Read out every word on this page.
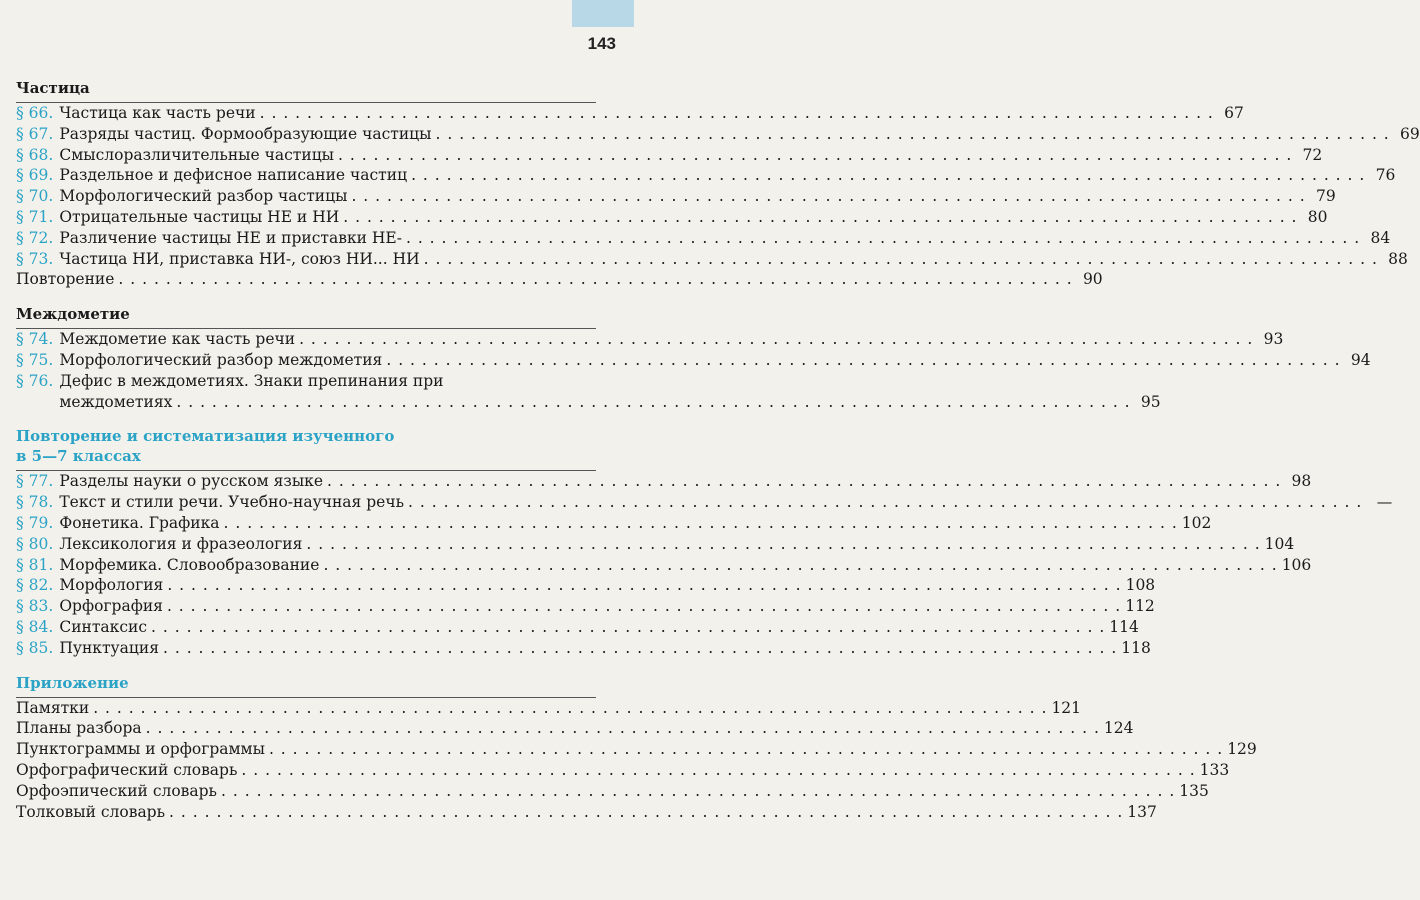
143
Частица
§ 66. Частица как часть речи . . . . . . . . . . . . . . . . . . . . . . . . . . . . . . . . . . . . . . . . . . . . . . . . . . . . . . . . . . . . . . . . . . . . . . . . . . . . . . . . . 67
§ 67. Разряды частиц. Формообразующие частицы . . . . . . . . . . . . . . . . . . . . . . . . . . . . . . . . . . . . . . . . . . . . . . . . . . . . . . . . . . . . . . . . . . . . . . . . . . . . . . . . . 69
§ 68. Смыслоразличительные частицы . . . . . . . . . . . . . . . . . . . . . . . . . . . . . . . . . . . . . . . . . . . . . . . . . . . . . . . . . . . . . . . . . . . . . . . . . . . . . . . . . 72
§ 69. Раздельное и дефисное написание частиц . . . . . . . . . . . . . . . . . . . . . . . . . . . . . . . . . . . . . . . . . . . . . . . . . . . . . . . . . . . . . . . . . . . . . . . . . . . . . . . . . 76
§ 70. Морфологический разбор частицы . . . . . . . . . . . . . . . . . . . . . . . . . . . . . . . . . . . . . . . . . . . . . . . . . . . . . . . . . . . . . . . . . . . . . . . . . . . . . . . . . 79
§ 71. Отрицательные частицы НЕ и НИ . . . . . . . . . . . . . . . . . . . . . . . . . . . . . . . . . . . . . . . . . . . . . . . . . . . . . . . . . . . . . . . . . . . . . . . . . . . . . . . . . 80
§ 72. Различение частицы НЕ и приставки НЕ- . . . . . . . . . . . . . . . . . . . . . . . . . . . . . . . . . . . . . . . . . . . . . . . . . . . . . . . . . . . . . . . . . . . . . . . . . . . . . . . . . 84
§ 73. Частица НИ, приставка НИ-, союз НИ... НИ . . . . . . . . . . . . . . . . . . . . . . . . . . . . . . . . . . . . . . . . . . . . . . . . . . . . . . . . . . . . . . . . . . . . . . . . . . . . . . . . . 88
Повторение . . . . . . . . . . . . . . . . . . . . . . . . . . . . . . . . . . . . . . . . . . . . . . . . . . . . . . . . . . . . . . . . . . . . . . . . . . . . . . . . . 90
Междометие
§ 74. Междометие как часть речи . . . . . . . . . . . . . . . . . . . . . . . . . . . . . . . . . . . . . . . . . . . . . . . . . . . . . . . . . . . . . . . . . . . . . . . . . . . . . . . . . 93
§ 75. Морфологический разбор междометия . . . . . . . . . . . . . . . . . . . . . . . . . . . . . . . . . . . . . . . . . . . . . . . . . . . . . . . . . . . . . . . . . . . . . . . . . . . . . . . . . 94
§ 76. Дефис в междометиях. Знаки препинания при
междометиях . . . . . . . . . . . . . . . . . . . . . . . . . . . . . . . . . . . . . . . . . . . . . . . . . . . . . . . . . . . . . . . . . . . . . . . . . . . . . . . . . 95
Повторение и систематизация изученного
в 5—7 классах
§ 77. Разделы науки о русском языке . . . . . . . . . . . . . . . . . . . . . . . . . . . . . . . . . . . . . . . . . . . . . . . . . . . . . . . . . . . . . . . . . . . . . . . . . . . . . . . . . 98
§ 78. Текст и стили речи. Учебно-научная речь . . . . . . . . . . . . . . . . . . . . . . . . . . . . . . . . . . . . . . . . . . . . . . . . . . . . . . . . . . . . . . . . . . . . . . . . . . . . . . . . . —
§ 79. Фонетика. Графика . . . . . . . . . . . . . . . . . . . . . . . . . . . . . . . . . . . . . . . . . . . . . . . . . . . . . . . . . . . . . . . . . . . . . . . . . . . . . . . . . 102
§ 80. Лексикология и фразеология . . . . . . . . . . . . . . . . . . . . . . . . . . . . . . . . . . . . . . . . . . . . . . . . . . . . . . . . . . . . . . . . . . . . . . . . . . . . . . . . . 104
§ 81. Морфемика. Словообразование . . . . . . . . . . . . . . . . . . . . . . . . . . . . . . . . . . . . . . . . . . . . . . . . . . . . . . . . . . . . . . . . . . . . . . . . . . . . . . . . . 106
§ 82. Морфология . . . . . . . . . . . . . . . . . . . . . . . . . . . . . . . . . . . . . . . . . . . . . . . . . . . . . . . . . . . . . . . . . . . . . . . . . . . . . . . . . 108
§ 83. Орфография . . . . . . . . . . . . . . . . . . . . . . . . . . . . . . . . . . . . . . . . . . . . . . . . . . . . . . . . . . . . . . . . . . . . . . . . . . . . . . . . . 112
§ 84. Синтаксис . . . . . . . . . . . . . . . . . . . . . . . . . . . . . . . . . . . . . . . . . . . . . . . . . . . . . . . . . . . . . . . . . . . . . . . . . . . . . . . . . 114
§ 85. Пунктуация . . . . . . . . . . . . . . . . . . . . . . . . . . . . . . . . . . . . . . . . . . . . . . . . . . . . . . . . . . . . . . . . . . . . . . . . . . . . . . . . . 118
Приложение
Памятки . . . . . . . . . . . . . . . . . . . . . . . . . . . . . . . . . . . . . . . . . . . . . . . . . . . . . . . . . . . . . . . . . . . . . . . . . . . . . . . . . 121
Планы разбора . . . . . . . . . . . . . . . . . . . . . . . . . . . . . . . . . . . . . . . . . . . . . . . . . . . . . . . . . . . . . . . . . . . . . . . . . . . . . . . . . 124
Пунктограммы и орфограммы . . . . . . . . . . . . . . . . . . . . . . . . . . . . . . . . . . . . . . . . . . . . . . . . . . . . . . . . . . . . . . . . . . . . . . . . . . . . . . . . . 129
Орфографический словарь . . . . . . . . . . . . . . . . . . . . . . . . . . . . . . . . . . . . . . . . . . . . . . . . . . . . . . . . . . . . . . . . . . . . . . . . . . . . . . . . . 133
Орфоэпический словарь . . . . . . . . . . . . . . . . . . . . . . . . . . . . . . . . . . . . . . . . . . . . . . . . . . . . . . . . . . . . . . . . . . . . . . . . . . . . . . . . . 135
Толковый словарь . . . . . . . . . . . . . . . . . . . . . . . . . . . . . . . . . . . . . . . . . . . . . . . . . . . . . . . . . . . . . . . . . . . . . . . . . . . . . . . . . 137
